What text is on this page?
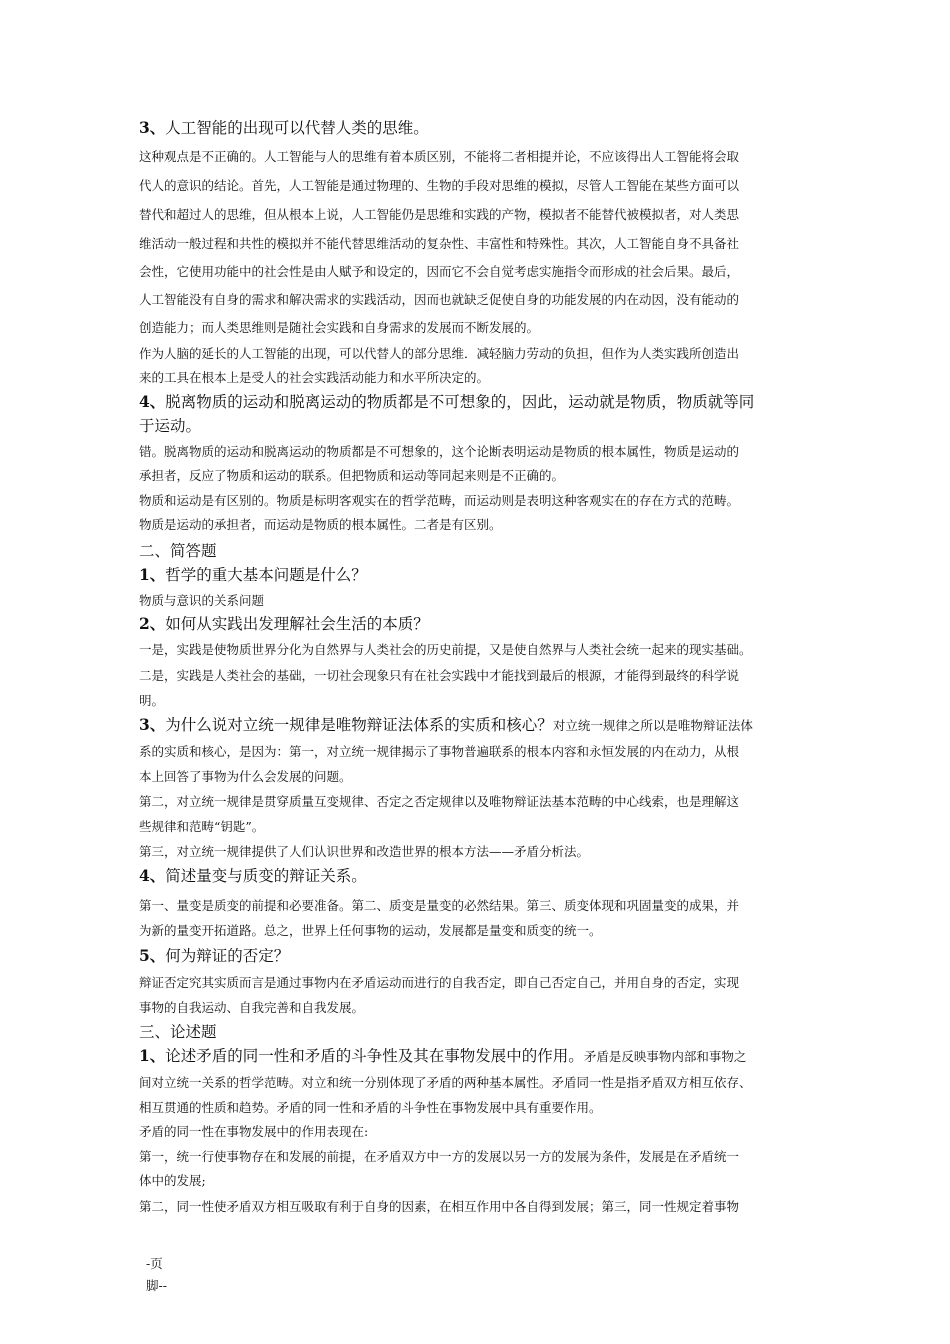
3、人工智能的出现可以代替人类的思维。
这种观点是不正确的。人工智能与人的思维有着本质区别，不能将二者相提并论，不应该得出人工智能将会取
代人的意识的结论。首先，人工智能是通过物理的、生物的手段对思维的模拟，尽管人工智能在某些方面可以
替代和超过人的思维，但从根本上说，人工智能仍是思维和实践的产物，模拟者不能替代被模拟者，对人类思
维活动一般过程和共性的模拟并不能代替思维活动的复杂性、丰富性和特殊性。其次，人工智能自身不具备社
会性，它使用功能中的社会性是由人赋予和设定的，因而它不会自觉考虑实施指令而形成的社会后果。最后，
人工智能没有自身的需求和解决需求的实践活动，因而也就缺乏促使自身的功能发展的内在动因，没有能动的
创造能力；而人类思维则是随社会实践和自身需求的发展而不断发展的。
作为人脑的延长的人工智能的出现，可以代替人的部分思维．减轻脑力劳动的负担，但作为人类实践所创造出
来的工具在根本上是受人的社会实践活动能力和水平所决定的。
4、脱离物质的运动和脱离运动的物质都是不可想象的，因此，运动就是物质，物质就等同
于运动。
错。脱离物质的运动和脱离运动的物质都是不可想象的，这个论断表明运动是物质的根本属性，物质是运动的
承担者，反应了物质和运动的联系。但把物质和运动等同起来则是不正确的。
物质和运动是有区别的。物质是标明客观实在的哲学范畴，而运动则是表明这种客观实在的存在方式的范畴。
物质是运动的承担者，而运动是物质的根本属性。二者是有区别。
二、简答题
1、哲学的重大基本问题是什么？
物质与意识的关系问题
2、如何从实践出发理解社会生活的本质？
一是，实践是使物质世界分化为自然界与人类社会的历史前提，又是使自然界与人类社会统一起来的现实基础。
二是，实践是人类社会的基础，一切社会现象只有在社会实践中才能找到最后的根源，才能得到最终的科学说
明。
3、为什么说对立统一规律是唯物辩证法体系的实质和核心？对立统一规律之所以是唯物辩证法体
系的实质和核心，是因为：第一，对立统一规律揭示了事物普遍联系的根本内容和永恒发展的内在动力，从根
本上回答了事物为什么会发展的问题。
第二，对立统一规律是贯穿质量互变规律、否定之否定规律以及唯物辩证法基本范畴的中心线索，也是理解这
些规律和范畴“钥匙”。
第三，对立统一规律提供了人们认识世界和改造世界的根本方法——矛盾分析法。
4、简述量变与质变的辩证关系。
第一、量变是质变的前提和必要准备。第二、质变是量变的必然结果。第三、质变体现和巩固量变的成果，并
为新的量变开拓道路。总之，世界上任何事物的运动，发展都是量变和质变的统一。
5、何为辩证的否定？
辩证否定究其实质而言是通过事物内在矛盾运动而进行的自我否定，即自己否定自己，并用自身的否定，实现
事物的自我运动、自我完善和自我发展。
三、论述题
1、论述矛盾的同一性和矛盾的斗争性及其在事物发展中的作用。矛盾是反映事物内部和事物之
间对立统一关系的哲学范畴。对立和统一分别体现了矛盾的两种基本属性。矛盾同一性是指矛盾双方相互依存、
相互贯通的性质和趋势。矛盾的同一性和矛盾的斗争性在事物发展中具有重要作用。
矛盾的同一性在事物发展中的作用表现在:
第一，统一行使事物存在和发展的前提，在矛盾双方中一方的发展以另一方的发展为条件，发展是在矛盾统一
体中的发展;
第二，同一性使矛盾双方相互吸取有利于自身的因素，在相互作用中各自得到发展；第三，同一性规定着事物
-页
脚--
